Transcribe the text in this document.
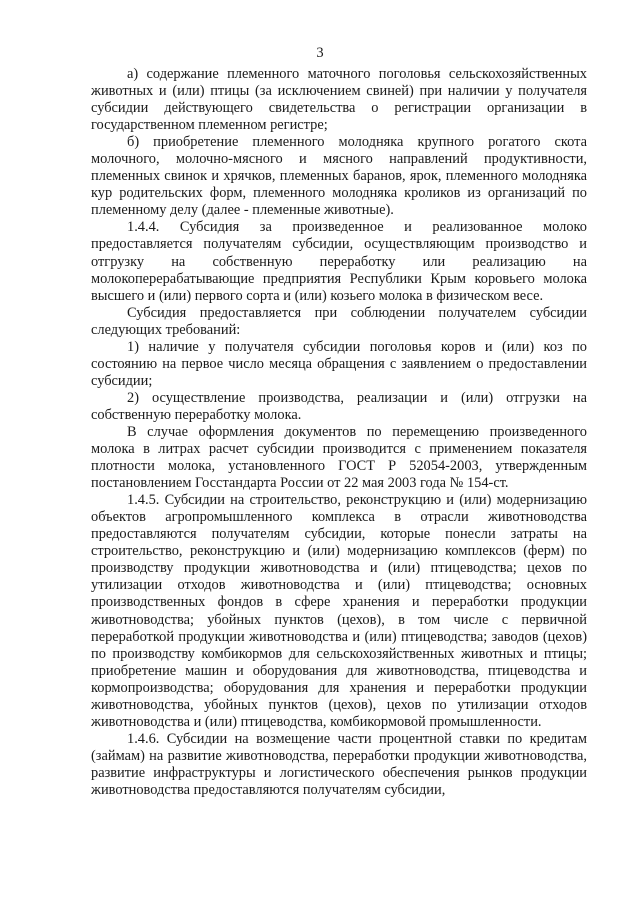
3

а) содержание племенного маточного поголовья сельскохозяйственных животных и (или) птицы (за исключением свиней) при наличии у получателя субсидии действующего свидетельства о регистрации организации в государственном племенном регистре;

б) приобретение племенного молодняка крупного рогатого скота молочного, молочно-мясного и мясного направлений продуктивности, племенных свинок и хрячков, племенных баранов, ярок, племенного молодняка кур родительских форм, племенного молодняка кроликов из организаций по племенному делу (далее - племенные животные).

1.4.4. Субсидия за произведенное и реализованное молоко предоставляется получателям субсидии, осуществляющим производство и отгрузку на собственную переработку или реализацию на молокоперерабатывающие предприятия Республики Крым коровьего молока высшего и (или) первого сорта и (или) козьего молока в физическом весе.

Субсидия предоставляется при соблюдении получателем субсидии следующих требований:

1) наличие у получателя субсидии поголовья коров и (или) коз по состоянию на первое число месяца обращения с заявлением о предоставлении субсидии;

2) осуществление производства, реализации и (или) отгрузки на собственную переработку молока.

В случае оформления документов по перемещению произведенного молока в литрах расчет субсидии производится с применением показателя плотности молока, установленного ГОСТ Р 52054-2003, утвержденным постановлением Госстандарта России от 22 мая 2003 года № 154-ст.

1.4.5. Субсидии на строительство, реконструкцию и (или) модернизацию объектов агропромышленного комплекса в отрасли животноводства предоставляются получателям субсидии, которые понесли затраты на строительство, реконструкцию и (или) модернизацию комплексов (ферм) по производству продукции животноводства и (или) птицеводства; цехов по утилизации отходов животноводства и (или) птицеводства; основных производственных фондов в сфере хранения и переработки продукции животноводства; убойных пунктов (цехов), в том числе с первичной переработкой продукции животноводства и (или) птицеводства; заводов (цехов) по производству комбикормов для сельскохозяйственных животных и птицы; приобретение машин и оборудования для животноводства, птицеводства и кормопроизводства; оборудования для хранения и переработки продукции животноводства, убойных пунктов (цехов), цехов по утилизации отходов животноводства и (или) птицеводства, комбикормовой промышленности.

1.4.6. Субсидии на возмещение части процентной ставки по кредитам (займам) на развитие животноводства, переработки продукции животноводства, развитие инфраструктуры и логистического обеспечения рынков продукции животноводства предоставляются получателям субсидии,
